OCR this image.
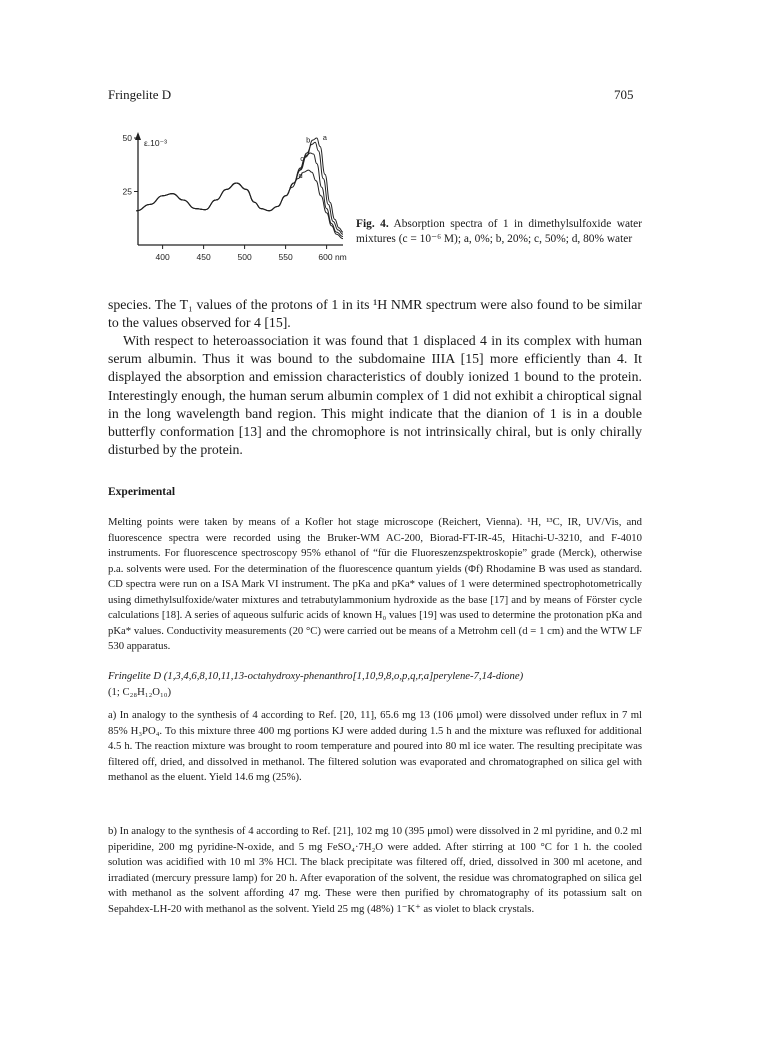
Fringelite D	705
50
25
400	450	500	550	600 nm
ε.10⁻³
a
b
c
d
Fig. 4. Absorption spectra of 1 in dimethylsulfoxide water mixtures (c = 10⁻⁶ M); a, 0%; b, 20%; c, 50%; d, 80% water
species. The T₁ values of the protons of 1 in its ¹H NMR spectrum were also found to be similar to the values observed for 4 [15].
With respect to heteroassociation it was found that 1 displaced 4 in its complex with human serum albumin. Thus it was bound to the subdomaine IIIA [15] more efficiently than 4. It displayed the absorption and emission characteristics of doubly ionized 1 bound to the protein. Interestingly enough, the human serum albumin complex of 1 did not exhibit a chiroptical signal in the long wavelength band region. This might indicate that the dianion of 1 is in a double butterfly conformation [13] and the chromophore is not intrinsically chiral, but is only chirally disturbed by the protein.
Experimental
Melting points were taken by means of a Kofler hot stage microscope (Reichert, Vienna). ¹H, ¹³C, IR, UV/Vis, and fluorescence spectra were recorded using the Bruker-WM AC-200, Biorad-FT-IR-45, Hitachi-U-3210, and F-4010 instruments. For fluorescence spectroscopy 95% ethanol of “für die Fluoreszenzspektroskopie” grade (Merck), otherwise p.a. solvents were used. For the determination of the fluorescence quantum yields (Φf) Rhodamine B was used as standard. CD spectra were run on a ISA Mark VI instrument. The pKa and pKa* values of 1 were determined spectrophotometrically using dimethylsulfoxide/water mixtures and tetrabutylammonium hydroxide as the base [17] and by means of Förster cycle calculations [18]. A series of aqueous sulfuric acids of known H₀ values [19] was used to determine the protonation pKa and pKa* values. Conductivity measurements (20 °C) were carried out be means of a Metrohm cell (d = 1 cm) and the WTW LF 530 apparatus.
Fringelite D (1,3,4,6,8,10,11,13-octahydroxy-phenanthro[1,10,9,8,o,p,q,r,a]perylene-7,14-dione)
(1; C₂₈H₁₂O₁₀)
a) In analogy to the synthesis of 4 according to Ref. [20, 11], 65.6 mg 13 (106 μmol) were dissolved under reflux in 7 ml 85% H₃PO₄. To this mixture three 400 mg portions KJ were added during 1.5 h and the mixture was refluxed for additional 4.5 h. The reaction mixture was brought to room temperature and poured into 80 ml ice water. The resulting precipitate was filtered off, dried, and dissolved in methanol. The filtered solution was evaporated and chromatographed on silica gel with methanol as the eluent. Yield 14.6 mg (25%).
b) In analogy to the synthesis of 4 according to Ref. [21], 102 mg 10 (395 μmol) were dissolved in 2 ml pyridine, and 0.2 ml piperidine, 200 mg pyridine-N-oxide, and 5 mg FeSO₄·7H₂O were added. After stirring at 100 °C for 1 h. the cooled solution was acidified with 10 ml 3% HCl. The black precipitate was filtered off, dried, dissolved in 300 ml acetone, and irradiated (mercury pressure lamp) for 20 h. After evaporation of the solvent, the residue was chromatographed on silica gel with methanol as the solvent affording 47 mg. These were then purified by chromatography of its potassium salt on Sepahdex-LH-20 with methanol as the solvent. Yield 25 mg (48%) 1⁻K⁺ as violet to black crystals.
